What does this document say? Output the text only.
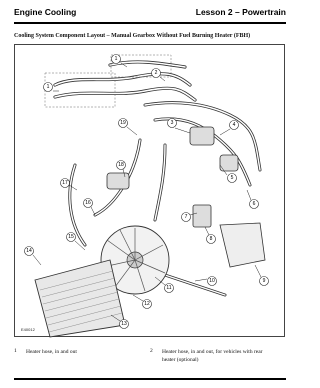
Engine Cooling	Lesson 2 – Powertrain
Cooling System Component Layout – Manual Gearbox Without Fuel Burning Heater (FBH)
1
2
1
3	4
5
6
7
8
9
10
11
12
13
14
15
16
17
18
19
E40012
1 Heater hose, in and out	2 Heater hose, in and out, for vehicles with rear heater (optional)
